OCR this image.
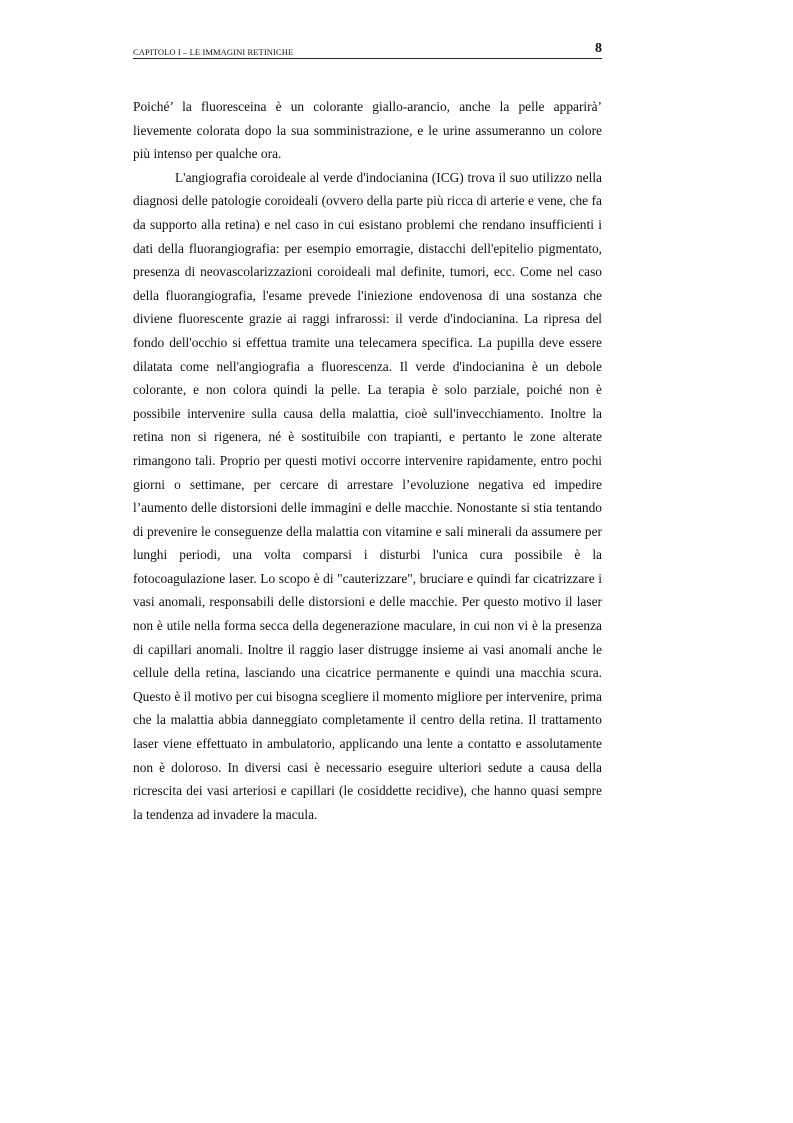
CAPITOLO I – LE IMMAGINI RETINICHE	8

Poiché’ la fluoresceina è un colorante giallo-arancio, anche la pelle apparirà’ lievemente colorata dopo la sua somministrazione, e le urine assumeranno un colore più intenso per qualche ora.

L'angiografia coroideale al verde d'indocianina (ICG) trova il suo utilizzo nella diagnosi delle patologie coroideali (ovvero della parte più ricca di arterie e vene, che fa da supporto alla retina) e nel caso in cui esistano problemi che rendano insufficienti i dati della fluorangiografia: per esempio emorragie, distacchi dell'epitelio pigmentato, presenza di neovascolarizzazioni coroideali mal definite, tumori, ecc. Come nel caso della fluorangiografia, l'esame prevede l'iniezione endovenosa di una sostanza che diviene fluorescente grazie ai raggi infrarossi: il verde d'indocianina. La ripresa del fondo dell'occhio si effettua tramite una telecamera specifica. La pupilla deve essere dilatata come nell'angiografia a fluorescenza. Il verde d'indocianina è un debole colorante, e non colora quindi la pelle. La terapia è solo parziale, poiché non è possibile intervenire sulla causa della malattia, cioè sull'invecchiamento. Inoltre la retina non si rigenera, né è sostituibile con trapianti, e pertanto le zone alterate rimangono tali. Proprio per questi motivi occorre intervenire rapidamente, entro pochi giorni o settimane, per cercare di arrestare l’evoluzione negativa ed impedire l’aumento delle distorsioni delle immagini e delle macchie. Nonostante si stia tentando di prevenire le conseguenze della malattia con vitamine e sali minerali da assumere per lunghi periodi, una volta comparsi i disturbi l'unica cura possibile è la fotocoagulazione laser. Lo scopo è di "cauterizzare", bruciare e quindi far cicatrizzare i vasi anomali, responsabili delle distorsioni e delle macchie. Per questo motivo il laser non è utile nella forma secca della degenerazione maculare, in cui non vi è la presenza di capillari anomali. Inoltre il raggio laser distrugge insieme ai vasi anomali anche le cellule della retina, lasciando una cicatrice permanente e quindi una macchia scura. Questo è il motivo per cui bisogna scegliere il momento migliore per intervenire, prima che la malattia abbia danneggiato completamente il centro della retina. Il trattamento laser viene effettuato in ambulatorio, applicando una lente a contatto e assolutamente non è doloroso. In diversi casi è necessario eseguire ulteriori sedute a causa della ricrescita dei vasi arteriosi e capillari (le cosiddette recidive), che hanno quasi sempre la tendenza ad invadere la macula.
